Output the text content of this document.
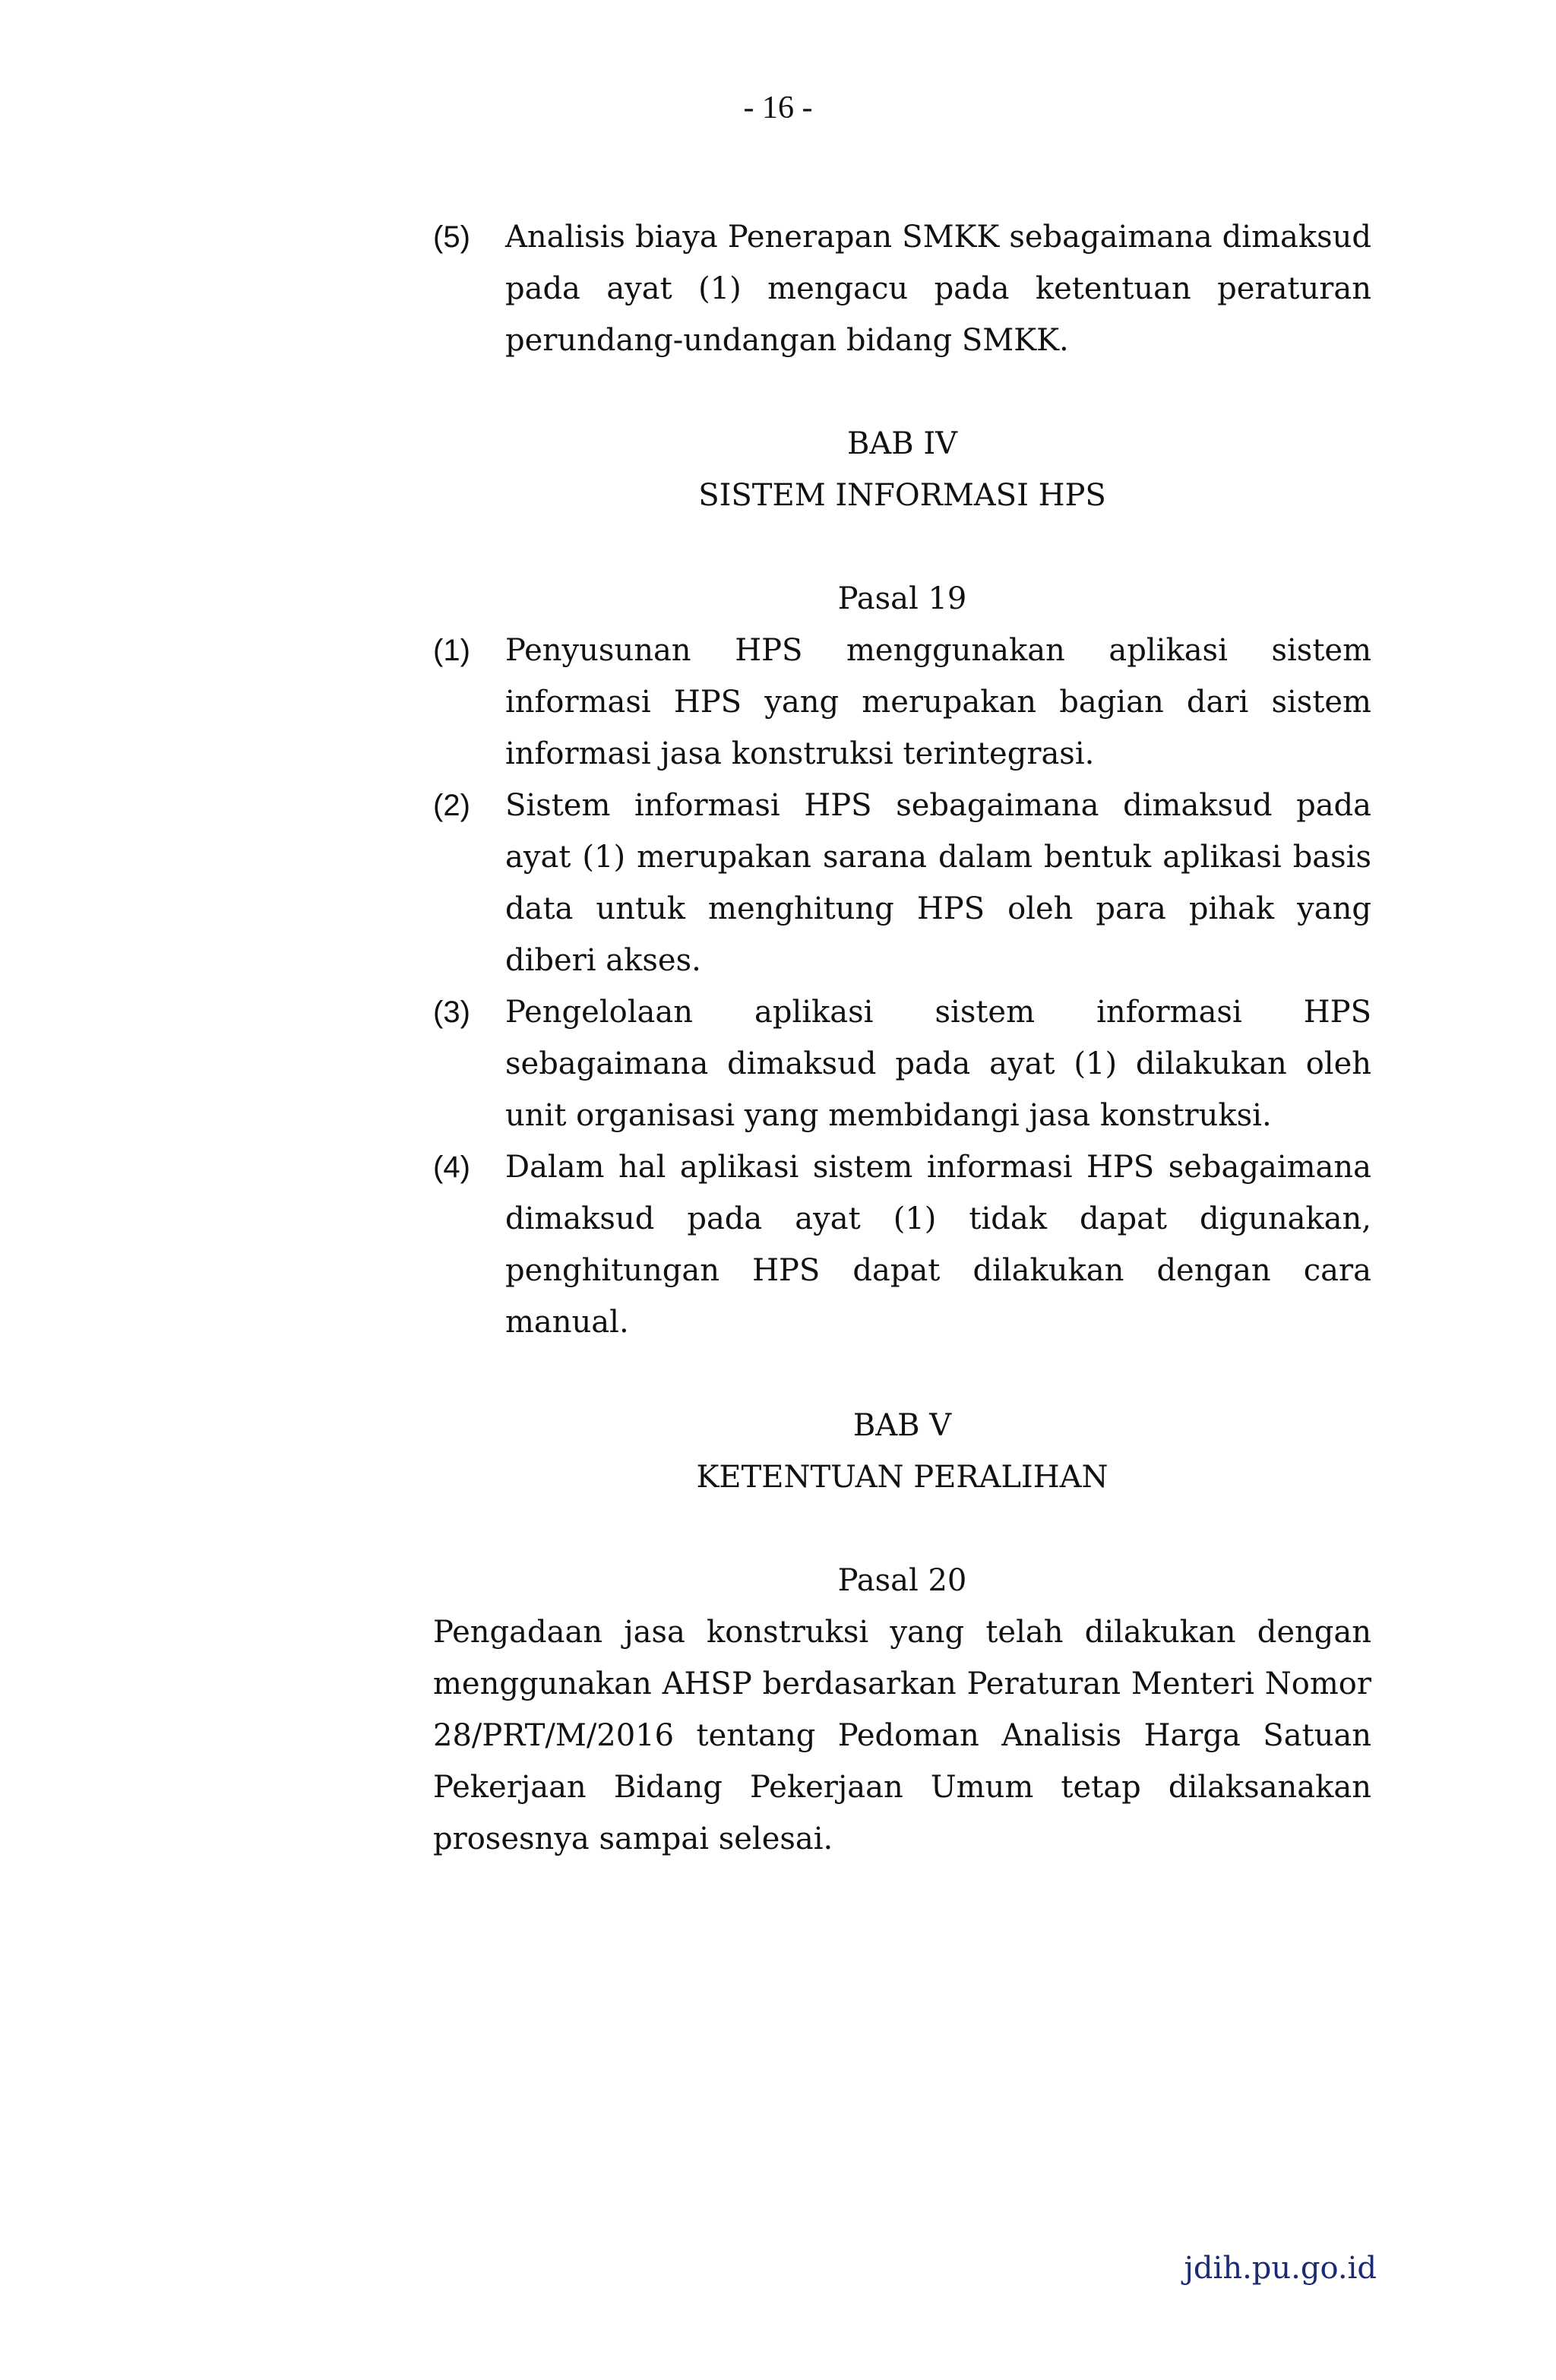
- 16 -
(5)	Analisis biaya Penerapan SMKK sebagaimana dimaksud pada ayat (1) mengacu pada ketentuan peraturan perundang-undangan bidang SMKK.
BAB IV
SISTEM INFORMASI HPS
Pasal 19
(1)	Penyusunan HPS menggunakan aplikasi sistem informasi HPS yang merupakan bagian dari sistem informasi jasa konstruksi terintegrasi.
(2)	Sistem informasi HPS sebagaimana dimaksud pada ayat (1) merupakan sarana dalam bentuk aplikasi basis data untuk menghitung HPS oleh para pihak yang diberi akses.
(3)	Pengelolaan aplikasi sistem informasi HPS sebagaimana dimaksud pada ayat (1) dilakukan oleh unit organisasi yang membidangi jasa konstruksi.
(4)	Dalam hal aplikasi sistem informasi HPS sebagaimana dimaksud pada ayat (1) tidak dapat digunakan, penghitungan HPS dapat dilakukan dengan cara manual.
BAB V
KETENTUAN PERALIHAN
Pasal 20
Pengadaan jasa konstruksi yang telah dilakukan dengan menggunakan AHSP berdasarkan Peraturan Menteri Nomor 28/PRT/M/2016 tentang Pedoman Analisis Harga Satuan Pekerjaan Bidang Pekerjaan Umum tetap dilaksanakan prosesnya sampai selesai.
jdih.pu.go.id
